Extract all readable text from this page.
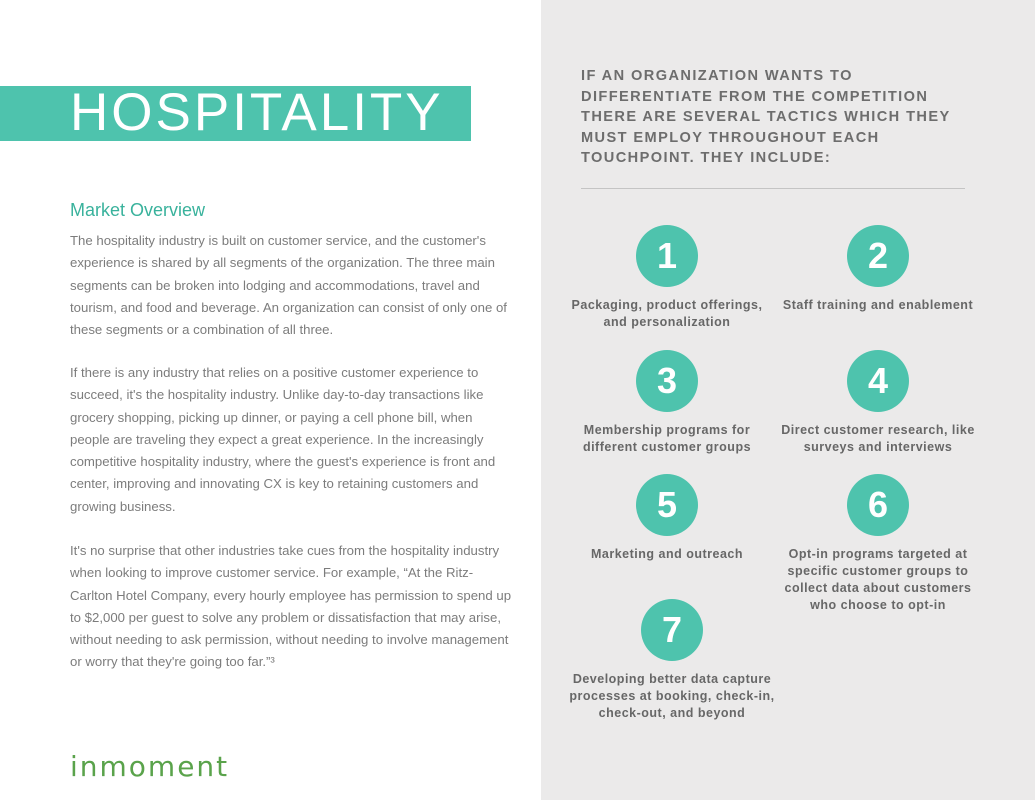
HOSPITALITY
Market Overview
The hospitality industry is built on customer service, and the customer's experience is shared by all segments of the organization. The three main segments can be broken into lodging and accommodations, travel and tourism, and food and beverage. An organization can consist of only one of these segments or a combination of all three.
If there is any industry that relies on a positive customer experience to succeed, it's the hospitality industry. Unlike day-to-day transactions like grocery shopping, picking up dinner, or paying a cell phone bill, when people are traveling they expect a great experience. In the increasingly competitive hospitality industry, where the guest's experience is front and center, improving and innovating CX is key to retaining customers and growing business.
It's no surprise that other industries take cues from the hospitality industry when looking to improve customer service. For example, “At the Ritz-Carlton Hotel Company, every hourly employee has permission to spend up to $2,000 per guest to solve any problem or dissatisfaction that may arise, without needing to ask permission, without needing to involve management or worry that they're going too far.”³
inmoment
IF AN ORGANIZATION WANTS TO DIFFERENTIATE FROM THE COMPETITION THERE ARE SEVERAL TACTICS WHICH THEY MUST EMPLOY THROUGHOUT EACH TOUCHPOINT. THEY INCLUDE:
1
Packaging, product offerings, and personalization
2
Staff training and enablement
3
Membership programs for different customer groups
4
Direct customer research, like surveys and interviews
5
Marketing and outreach
6
Opt-in programs targeted at specific customer groups to collect data about customers who choose to opt-in
7
Developing better data capture processes at booking, check-in, check-out, and beyond
